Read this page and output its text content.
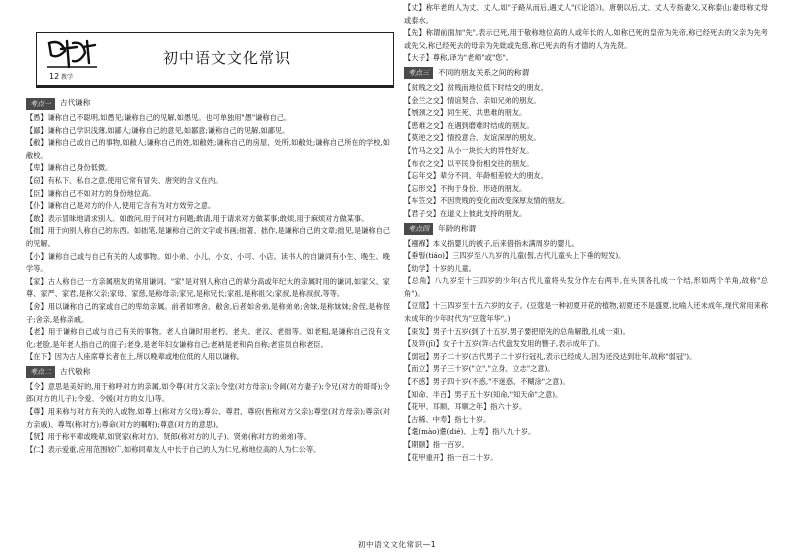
12 教学
初中语文文化常识
考点一	古代谦称
【愚】谦称自己不聪明,如愚见;谦称自己的见解,如愚见。也可单独用"愚"谦称自己。
【鄙】谦称自己学识浅薄,如鄙人;谦称自己的意见,如鄙意;谦称自己的见解,如鄙见。
【敝】谦称自己或自己的事物,如敝人;谦称自己的姓,如敝姓;谦称自己的房屋、处所,如敝处;谦称自己所在的学校,如敝校。
【卑】谦称自己身份低微。
【窃】有私下、私自之意,使用它常有冒失、唐突的含义在内。
【臣】谦称自己不如对方的身份地位高。
【仆】谦称自己是对方的仆人,使用它含有为对方效劳之意。
【敢】表示冒昧地请求别人。如敢问,用于问对方问题;敢请,用于请求对方做某事;敢烦,用于麻烦对方做某事。
【拙】用于向别人称自己的东西。如拙笔,是谦称自己的文字或书画;拙著、拙作,是谦称自己的文章;拙见,是谦称自己的见解。
【小】谦称自己或与自己有关的人或事物。如小弟、小儿、小女、小可、小店。读书人的自谦词有小生、晚生、晚学等。
【家】古人称自己一方亲属朋友的常用谦词。"家"是对别人称自己的辈分高或年纪大的亲属时用的谦词,如家父、家尊、家严、家君,是称父亲;家母、家慈,是称母亲;家兄,是称兄长;家祖,是称祖父;家叔,是称叔叔,等等。
【舍】用以谦称自己的家或自己的卑幼亲属。前者如寒舍、敝舍,后者如舍弟,是称弟弟;舍妹,是称妹妹;舍侄,是称侄子;舍亲,是称亲戚。
【老】用于谦称自己或与自己有关的事物。老人自谦时用老朽、老夫、老汉、老拙等。如老粗,是谦称自己没有文化;老脸,是年老人指自己的面子;老身,是老年妇女谦称自己;老衲是老和尚自称;老宦员自称老臣。
【在下】因为古人座席尊长者在上,所以晚辈或地位低的人用以谦称。
考点二	古代敬称
【令】意思是美好的,用于称呼对方的亲属,如令尊(对方父亲);令堂(对方母亲);令阃(对方妻子);令兄(对方的哥哥);令郎(对方的儿子);令爱、令媛(对方的女儿)等。
【尊】用来称与对方有关的人或物,如尊上(称对方父母);尊公、尊君、尊府(皆称对方父亲);尊堂(对方母亲);尊亲(对方亲戚)、尊驾(称对方);尊命(对方的嘱咐);尊意(对方的意思)。
【贤】用于称平辈或晚辈,如贤家(称对方)、贤郎(称对方的儿子)、贤弟(称对方的弟弟)等。
【仁】表示爱重,应用范围较广,如称同辈友人中长于自己的人为仁兄,称地位高的人为仁公等。
【丈】称年老的人为丈、丈人,如"子路从而后,遇丈人"(《论语》)。唐朝以后,丈、丈人专指妻父,又称泰山;妻母称丈母或泰水。
【先】称谓前面加"先",表示已死,用于敬称地位高的人或年长的人,如称已死的皇帝为先帝,称已经死去的父亲为先考或先父,称已经死去的母亲为先妣或先慈,称已死去的有才德的人为先贤。
【大子】尊称,译为"老师"或"您"。
考点三	不同的朋友关系之间的称谓
【贫贱之交】贫贱而地位低下时结交的朋友。
【金兰之交】情谊契合、亲如兄弟的朋友。
【刎颈之交】同生死、共患难的朋友。
【患难之交】在遇到磨难时结成的朋友。
【莫逆之交】情投意合、友谊深厚的朋友。
【竹马之交】从小一块长大的异性好友。
【布衣之交】以平民身份相交往的朋友。
【忘年交】辈分不同、年龄相差较大的朋友。
【忘形交】不拘于身份、形迹的朋友。
【车笠交】不因贵贱的变化而改变深厚友情的朋友。
【君子交】在道义上彼此支持的朋友。
考点四	年龄的称谓
【襁褓】本义指婴儿的被子,后来借指未满周岁的婴儿。
【垂髫(tiáo)】三四岁至八九岁的儿童(髫,古代儿童头上下垂的短发)。
【幼学】十岁的儿童。
【总角】八九岁至十三四岁的少年(古代儿童将头发分作左右两半,在头顶各扎成一个结,形如两个羊角,故称"总角")。
【豆蔻】十三四岁至十五六岁的女子。(豆蔻是一种初夏开花的植物,初夏还不是盛夏,比喻人还未成年,现代常用来称未成年的少年时代为"豆蔻年华"。)
【束发】男子十五岁(到了十五岁,男子要把原先的总角解散,扎成一束)。
【及笄(jī)】女子十五岁(笄:古代盘发发用的簪子,表示成年了)。
【弱冠】男子二十岁(古代男子二十岁行冠礼,表示已经成人,因为还没达到壮年,故称"弱冠")。
【而立】男子三十岁("立","立身、立志"之意)。
【不惑】男子四十岁(不惑,"不迷惑、不糊涂"之意)。
【知命、半百】男子五十岁(知命,"知天命"之意)。
【花甲、耳顺、耳顺之年】指六十岁。
【古稀、中寿】指七十岁。
【耄(mào)耋(dié)、上寿】指八九十岁。
【期颐】指一百岁。
【花甲重开】指一百二十岁。
初中语文文化常识—1
